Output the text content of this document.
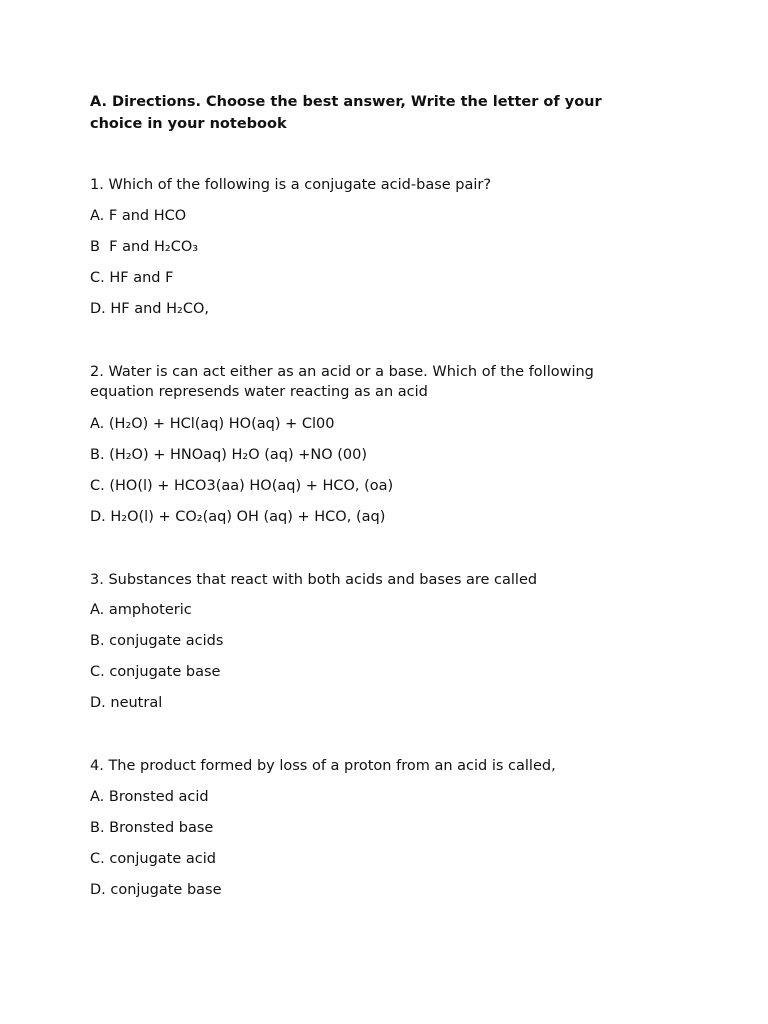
A. Directions. Choose the best answer, Write the letter of your choice in your notebook

1. Which of the following is a conjugate acid-base pair?

A. F and HCO

B  F and H₂CO₃

C. HF and F

D. HF and H₂CO,

2. Water is can act either as an acid or a base. Which of the following equation represends water reacting as an acid

A. (H₂O) + HCl(aq) HO(aq) + Cl00

B. (H₂O) + HNOaq) H₂O (aq) +NO (00)

C. (HO(l) + HCO3(aa) HO(aq) + HCO, (oa)

D. H₂O(l) + CO₂(aq) OH (aq) + HCO, (aq)

3. Substances that react with both acids and bases are called

A. amphoteric

B. conjugate acids

C. conjugate base

D. neutral

4. The product formed by loss of a proton from an acid is called,

A. Bronsted acid

B. Bronsted base

C. conjugate acid

D. conjugate base
